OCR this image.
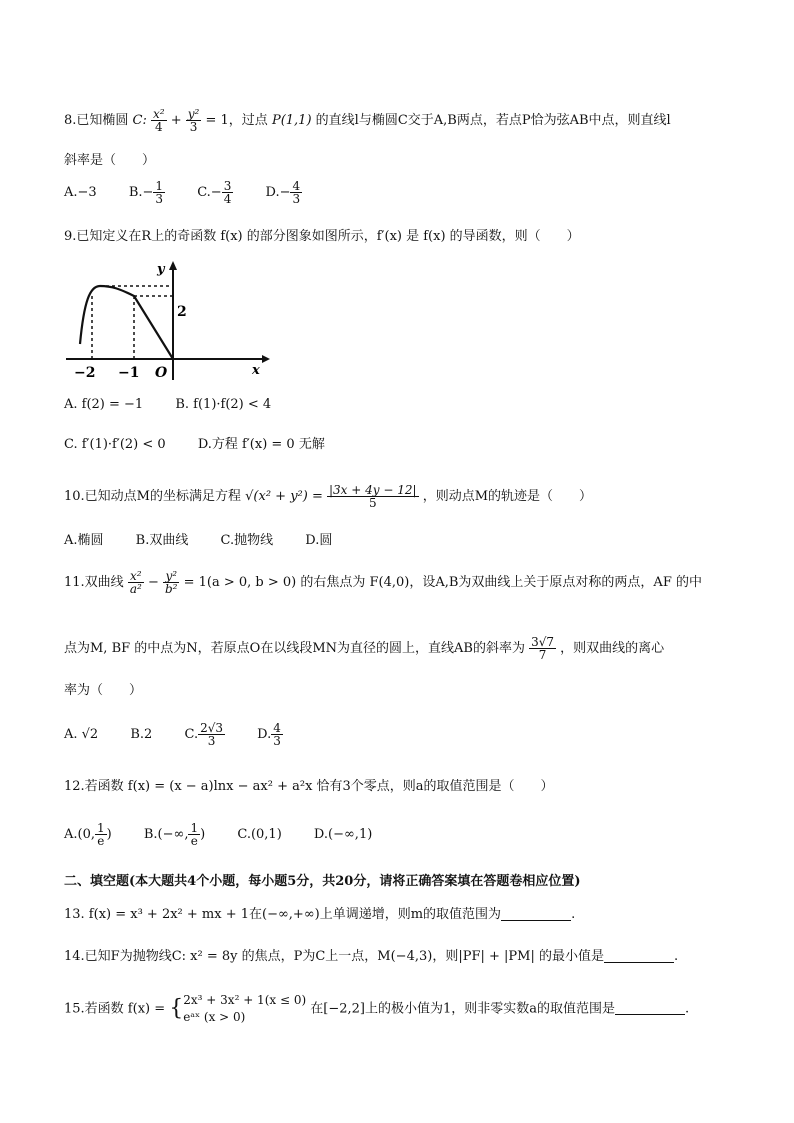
8.已知椭圆 C: $\frac{\text{x²}}{4} + \frac{\text{y²}}{3} = 1$，过点 P(1,1) 的直线l与椭圆C交于A,B两点，若点P恰为弦AB中点，则直线l
斜率是（　　）
A.−3 $B.- \frac{1}{3} C.- \frac{3}{4} D.- \frac{4}{3}$
9.已知定义在R上的奇函数 f(x) 的部分图象如图所示，f′(x) 是 f(x) 的导函数，则（　　）
y
2
−2 −1 O	x
A. f(2) = −1 B. f(1)·f(2) < 4
C. f′(1)·f′(2) < 0 D.方程 f′(x) = 0 无解
10.已知动点M的坐标满足方程 $√(x^2 + y^2) = \frac{|3x + 4y - 12|}{5}$ ，则动点M的轨迹是（　　）
A.椭圆 B.双曲线 C.抛物线 D.圆
11.双曲线 $\frac{\text{x²}}{\text{a²}} - \frac{\text{y²}}{\text{b²}} = 1(a > 0$, b > 0) 的右焦点为 F(4,0)，设A,B为双曲线上关于原点对称的两点，AF 的中
点为M, BF 的中点为N，若原点O在以线段MN为直径的圆上，直线AB的斜率为 $\frac{3√7}{7}$ ，则双曲线的离心
率为（　　）
A. √2 B.2 C. $\frac{2√3}{3} D$. $\frac{4}{3}$
12.若函数 f(x) = (x − a)lnx − ax² + a²x 恰有3个零点，则a的取值范围是（　　）
A.(0, $\frac{1}{e}$ ) B.(−∞, $\frac{1}{e}$ ) C.(0,1) D.(−∞,1)
二、填空题(本大题共4个小题，每小题5分，共20分，请将正确答案填在答题卷相应位置)
13. f(x) = x³ + 2x² + mx + 1在(−∞,+∞)上单调递增，则m的取值范围为	.
14.已知F为抛物线C: x² = 8y 的焦点，P为C上一点，M(−4,3)，则|PF| + |PM| 的最小值是	.
15.若函数 f(x) = { 2x³ + 3x² + 1(x ≤ 0)
eᵃˣ (x > 0)
在[−2,2]上的极小值为1，则非零实数a的取值范围是	.
